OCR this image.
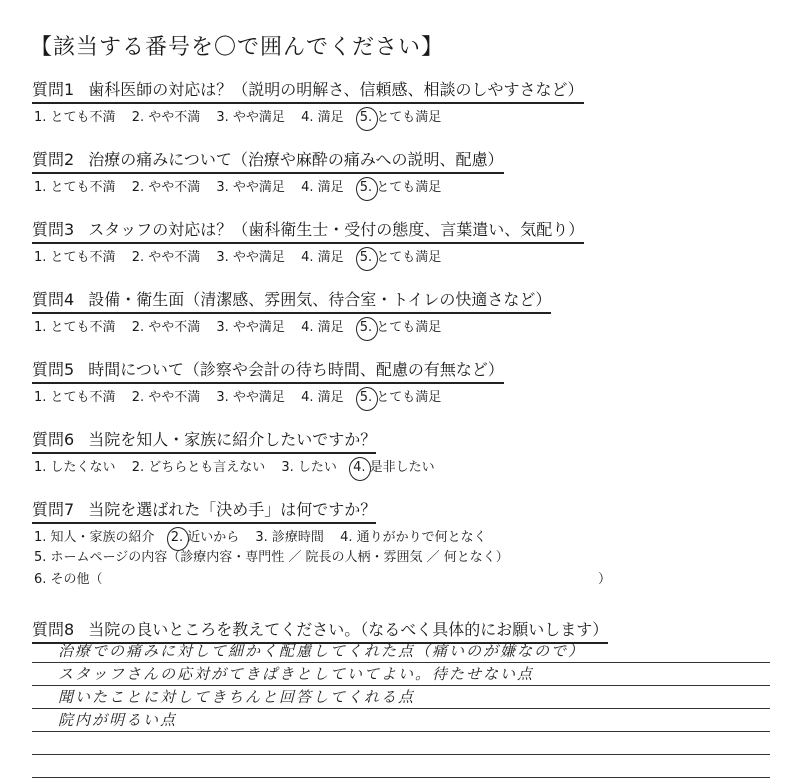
【該当する番号を〇で囲んでください】
質問1 歯科医師の対応は？（説明の明解さ、信頼感、相談のしやすさなど）
1. とても不満 2. やや不満 3. やや満足 4. 満足 5. とても満足
質問2 治療の痛みについて（治療や麻酔の痛みへの説明、配慮）
1. とても不満 2. やや不満 3. やや満足 4. 満足 5. とても満足
質問3 スタッフの対応は？（歯科衛生士・受付の態度、言葉遣い、気配り）
1. とても不満 2. やや不満 3. やや満足 4. 満足 5. とても満足
質問4 設備・衛生面（清潔感、雰囲気、待合室・トイレの快適さなど）
1. とても不満 2. やや不満 3. やや満足 4. 満足 5. とても満足
質問5 時間について（診察や会計の待ち時間、配慮の有無など）
1. とても不満 2. やや不満 3. やや満足 4. 満足 5. とても満足
質問6 当院を知人・家族に紹介したいですか？
1. したくない 2. どちらとも言えない 3. したい 4. 是非したい
質問7 当院を選ばれた「決め手」は何ですか？
1. 知人・家族の紹介 2. 近いから 3. 診療時間 4. 通りがかりで何となく
5. ホームページの内容（診療内容・専門性 ／ 院長の人柄・雰囲気 ／ 何となく）
6. その他（	）
質問8 当院の良いところを教えてください。（なるべく具体的にお願いします）
治療での痛みに対して細かく配慮してくれた点（痛いのが嫌なので）
スタッフさんの応対がてきぱきとしていてよい。待たせない点
聞いたことに対してきちんと回答してくれる点
院内が明るい点
